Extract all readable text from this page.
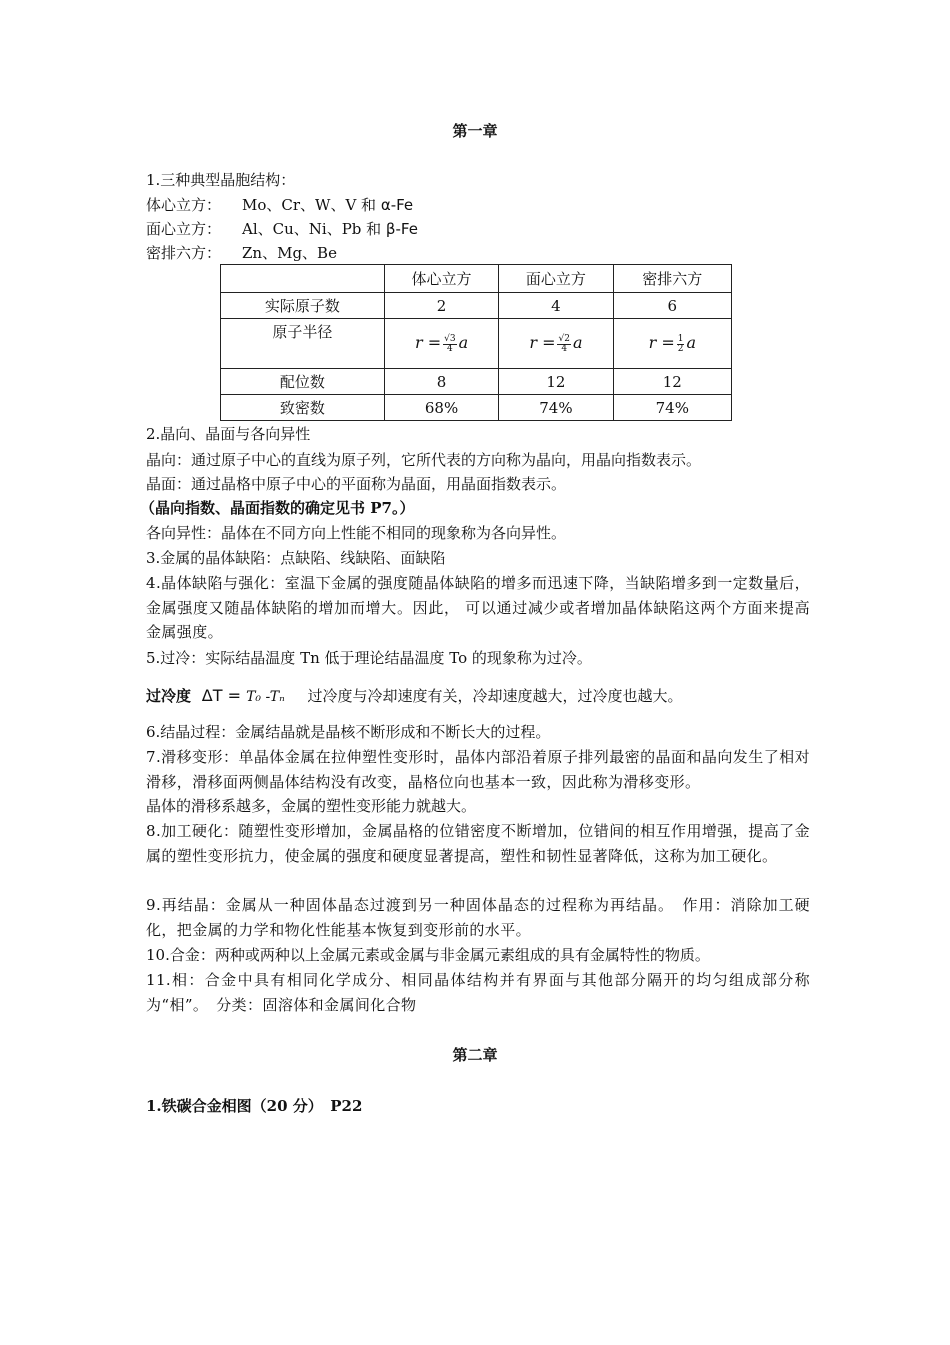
第一章
1.三种典型晶胞结构：
体心立方： Mo、Cr、W、V 和 α-Fe
面心立方： Al、Cu、Ni、Pb 和 β-Fe
密排六方： Zn、Mg、Be
	体心立方	面心立方	密排六方
实际原子数	2	4	6
原子半径	$r = \frac{√3}{4}$ a	$r = \frac{√2}{4}$ a	$r = \frac{1}{2}$ a
配位数	8	12	12
致密数	68%	74%	74%
2.晶向、晶面与各向异性
晶向：通过原子中心的直线为原子列，它所代表的方向称为晶向，用晶向指数表示。
晶面：通过晶格中原子中心的平面称为晶面，用晶面指数表示。
（晶向指数、晶面指数的确定见书 P7。）
各向异性：晶体在不同方向上性能不相同的现象称为各向异性。
3.金属的晶体缺陷：点缺陷、线缺陷、面缺陷
4.晶体缺陷与强化：室温下金属的强度随晶体缺陷的增多而迅速下降，当缺陷增多到一定数量后，金属强度又随晶体缺陷的增加而增大。因此， 可以通过减少或者增加晶体缺陷这两个方面来提高金属强度。
5.过冷：实际结晶温度 Tn 低于理论结晶温度 To 的现象称为过冷。
过冷度 ΔT = T₀ -Tₙ 过冷度与冷却速度有关，冷却速度越大，过冷度也越大。
6.结晶过程：金属结晶就是晶核不断形成和不断长大的过程。
7.滑移变形：单晶体金属在拉伸塑性变形时，晶体内部沿着原子排列最密的晶面和晶向发生了相对滑移，滑移面两侧晶体结构没有改变，晶格位向也基本一致，因此称为滑移变形。
晶体的滑移系越多，金属的塑性变形能力就越大。
8.加工硬化：随塑性变形增加，金属晶格的位错密度不断增加，位错间的相互作用增强，提高了金属的塑性变形抗力，使金属的强度和硬度显著提高，塑性和韧性显著降低，这称为加工硬化。
9.再结晶：金属从一种固体晶态过渡到另一种固体晶态的过程称为再结晶。　作用：消除加工硬化，把金属的力学和物化性能基本恢复到变形前的水平。
10.合金：两种或两种以上金属元素或金属与非金属元素组成的具有金属特性的物质。
11.相：合金中具有相同化学成分、相同晶体结构并有界面与其他部分隔开的均匀组成部分称为“相”。　分类：固溶体和金属间化合物
第二章
1.铁碳合金相图（20 分）　P22
